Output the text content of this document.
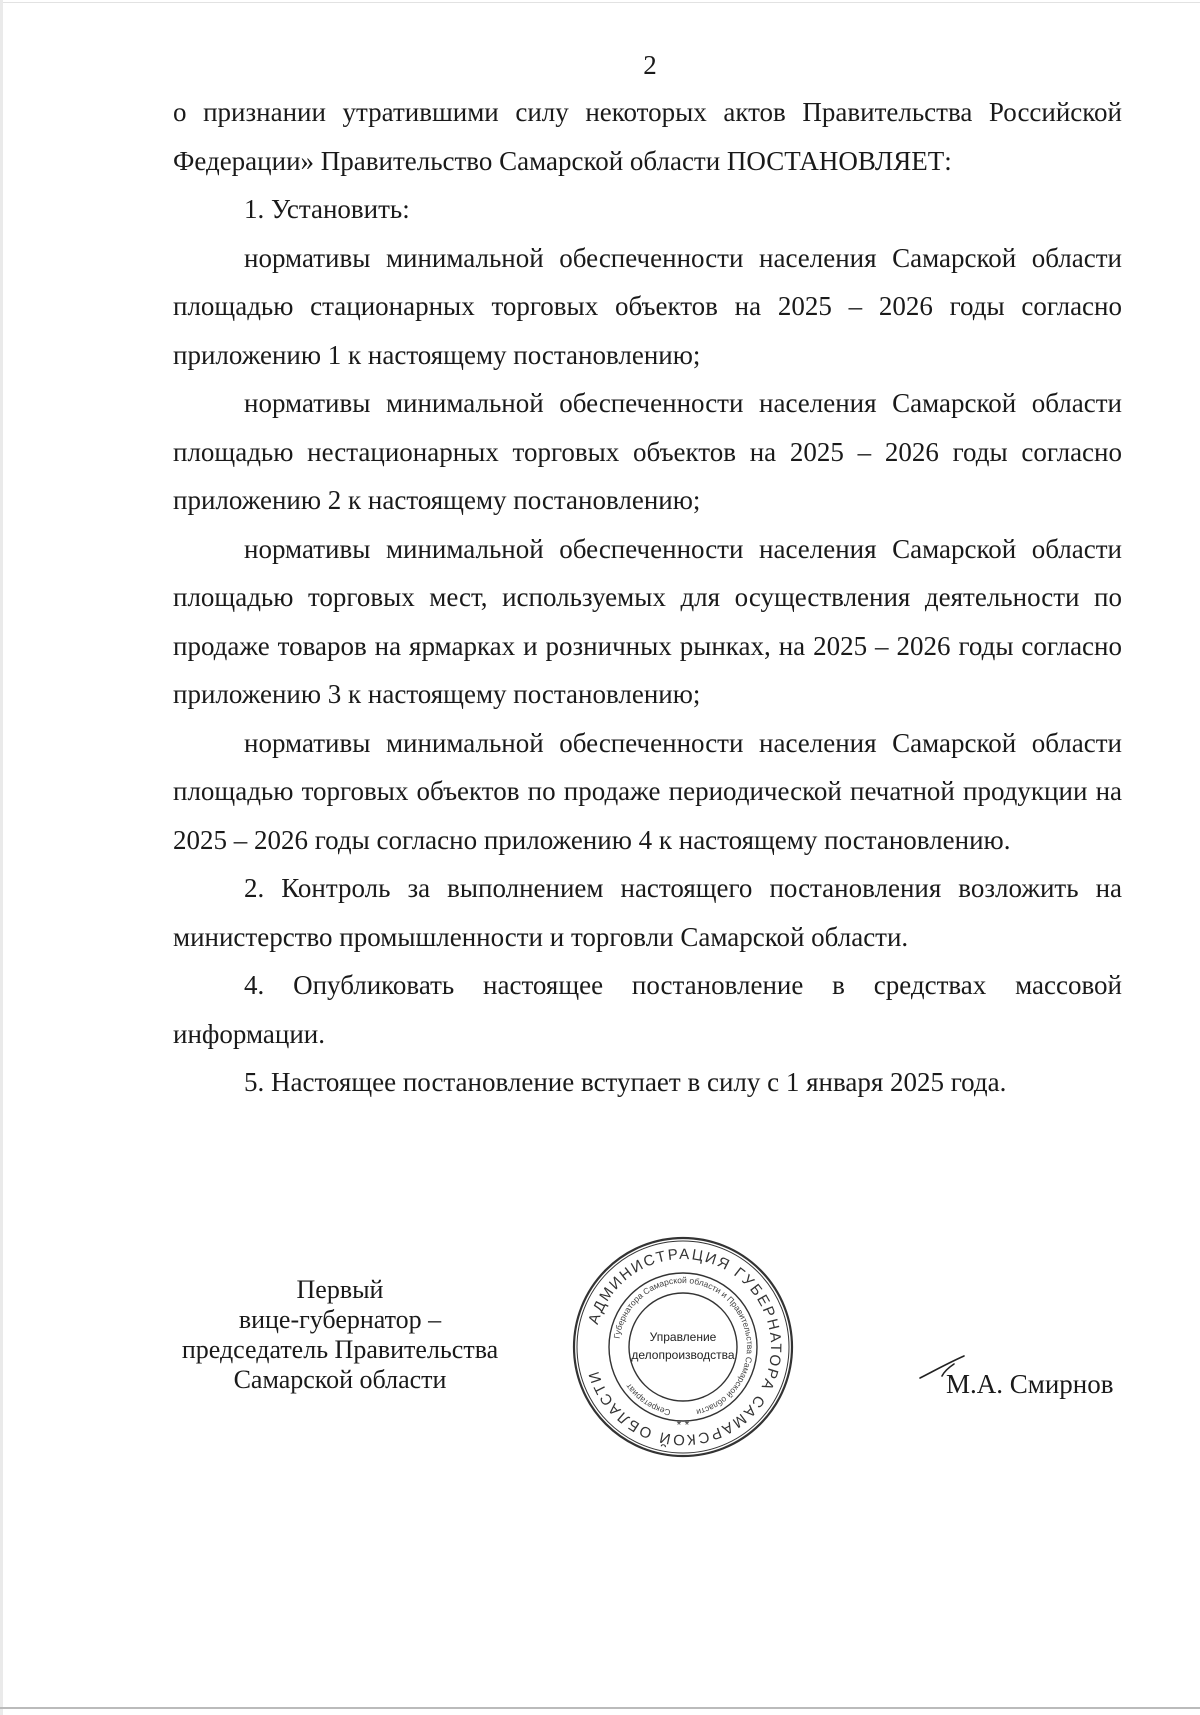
2

о признании утратившими силу некоторых актов Правительства Российской Федерации» Правительство Самарской области ПОСТАНОВЛЯЕТ:

1. Установить:

нормативы минимальной обеспеченности населения Самарской области площадью стационарных торговых объектов на 2025 – 2026 годы согласно приложению 1 к настоящему постановлению;

нормативы минимальной обеспеченности населения Самарской области площадью нестационарных торговых объектов на 2025 – 2026 годы согласно приложению 2 к настоящему постановлению;

нормативы минимальной обеспеченности населения Самарской области площадью торговых мест, используемых для осуществления деятельности по продаже товаров на ярмарках и розничных рынках, на 2025 – 2026 годы согласно приложению 3 к настоящему постановлению;

нормативы минимальной обеспеченности населения Самарской области площадью торговых объектов по продаже периодической печатной продукции на 2025 – 2026 годы согласно приложению 4 к настоящему постановлению.

2. Контроль за выполнением настоящего постановления возложить на министерство промышленности и торговли Самарской области.

4. Опубликовать настоящее постановление в средствах массовой информации.

5. Настоящее постановление вступает в силу с 1 января 2025 года.

Первый
вице-губернатор –
председатель Правительства
Самарской области
АДМИНИСТРАЦИЯ ГУБЕРНАТОРА САМАРСКОЙ ОБЛАСТИ
Губернатора Самарской области и Правительства Самарской области
Секретариат
Управление
делопроизводства
* *
М.А. Смирнов
